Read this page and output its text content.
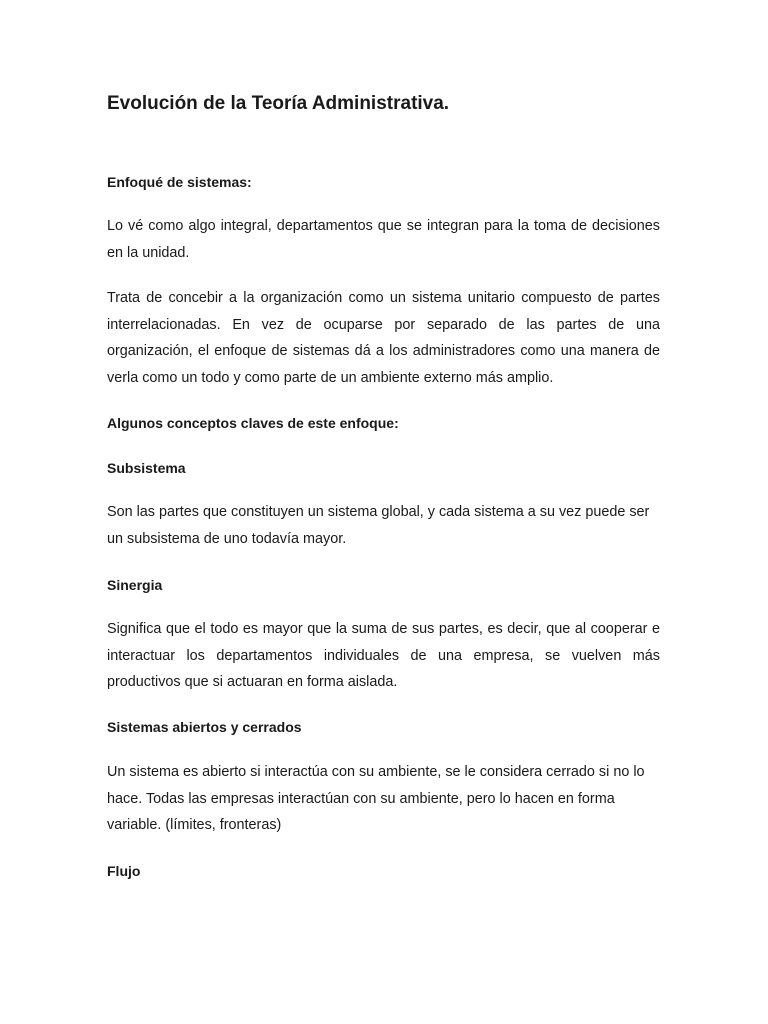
Evolución de la Teoría Administrativa.
Enfoqué de sistemas:

Lo vé como algo integral, departamentos que se integran para la toma de decisiones en la unidad.

Trata de concebir a la organización como un sistema unitario compuesto de partes interrelacionadas. En vez de ocuparse por separado de las partes de una organización, el enfoque de sistemas dá a los administradores como una manera de verla como un todo y como parte de un ambiente externo más amplio.

Algunos conceptos claves de este enfoque:
Subsistema

Son las partes que constituyen un sistema global, y cada sistema a su vez puede ser un subsistema de uno todavía mayor.

Sinergia

Significa que el todo es mayor que la suma de sus partes, es decir, que al cooperar e interactuar los departamentos individuales de una empresa, se vuelven más productivos que si actuaran en forma aislada.

Sistemas abiertos y cerrados

Un sistema es abierto si interactúa con su ambiente, se le considera cerrado si no lo hace. Todas las empresas interactúan con su ambiente, pero lo hacen en forma variable. (límites, fronteras)

Flujo
